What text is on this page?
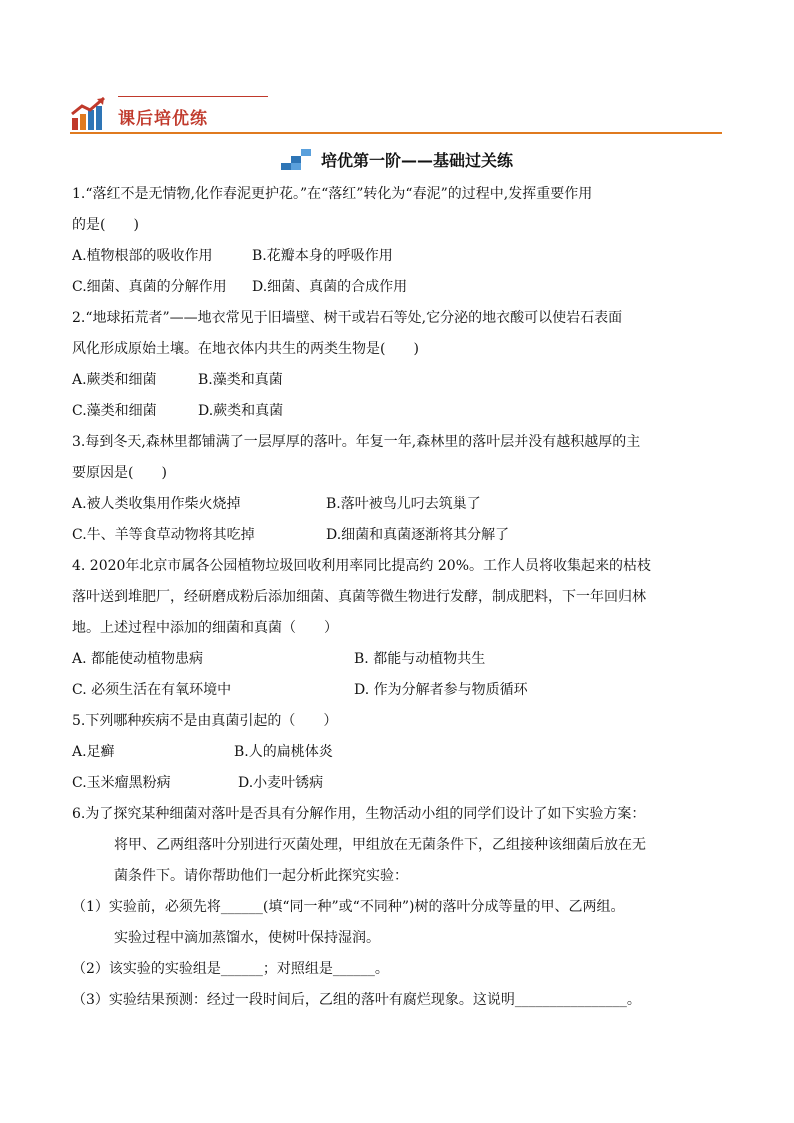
课后培优练
培优第一阶——基础过关练
1.“落红不是无情物,化作春泥更护花。”在“落红”转化为“春泥”的过程中,发挥重要作用
的是(　　)
A.植物根部的吸收作用	B.花瓣本身的呼吸作用
C.细菌、真菌的分解作用	D.细菌、真菌的合成作用
2.“地球拓荒者”——地衣常见于旧墙壁、树干或岩石等处,它分泌的地衣酸可以使岩石表面
风化形成原始土壤。在地衣体内共生的两类生物是(　　)
A.蕨类和细菌	B.藻类和真菌
C.藻类和细菌	D.蕨类和真菌
3.每到冬天,森林里都铺满了一层厚厚的落叶。年复一年,森林里的落叶层并没有越积越厚的主
要原因是(　　)
A.被人类收集用作柴火烧掉	B.落叶被鸟儿叼去筑巢了
C.牛、羊等食草动物将其吃掉	D.细菌和真菌逐渐将其分解了
4. 2020年北京市属各公园植物垃圾回收利用率同比提高约 20%。工作人员将收集起来的枯枝
落叶送到堆肥厂，经研磨成粉后添加细菌、真菌等微生物进行发酵，制成肥料，下一年回归林
地。上述过程中添加的细菌和真菌（　　）
A. 都能使动植物患病	B. 都能与动植物共生
C. 必须生活在有氧环境中	D. 作为分解者参与物质循环
5.下列哪种疾病不是由真菌引起的（　　）
A.足癣	B.人的扁桃体炎
C.玉米瘤黑粉病	D.小麦叶锈病
6.为了探究某种细菌对落叶是否具有分解作用，生物活动小组的同学们设计了如下实验方案：
将甲、乙两组落叶分别进行灭菌处理，甲组放在无菌条件下，乙组接种该细菌后放在无
菌条件下。请你帮助他们一起分析此探究实验：
（1）实验前，必须先将______(填“同一种”或“不同种”)树的落叶分成等量的甲、乙两组。
实验过程中滴加蒸馏水，使树叶保持湿润。
（2）该实验的实验组是______；对照组是______。
（3）实验结果预测：经过一段时间后，乙组的落叶有腐烂现象。这说明________________。
